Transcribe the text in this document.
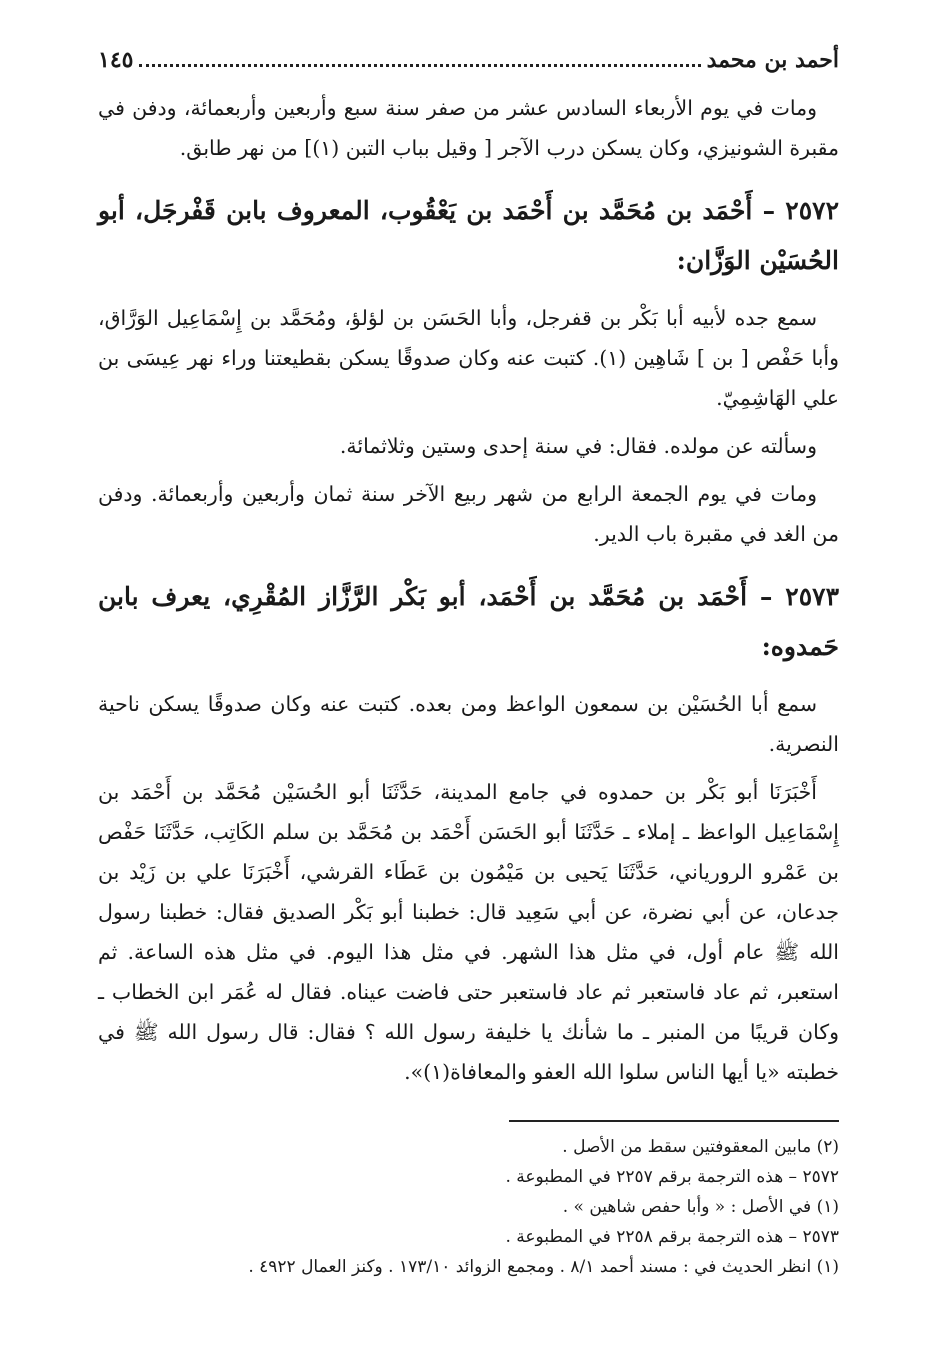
أحمد بن محمد
١٤٥

ومات في يوم الأربعاء السادس عشر من صفر سنة سبع وأربعين وأربعمائة، ودفن في مقبرة الشونيزي، وكان يسكن درب الآجر [ وقيل بباب التبن (١)] من نهر طابق.

٢٥٧٢ – أَحْمَد بن مُحَمَّد بن أَحْمَد بن يَعْقُوب، المعروف بابن قَفْرجَل، أبو الحُسَيْن الوَزَّان:

سمع جده لأبيه أبا بَكْر بن قفرجل، وأبا الحَسَن بن لؤلؤ، ومُحَمَّد بن إِسْمَاعِيل الوَرَّاق، وأبا حَفْص [ بن ] شَاهِين (١). كتبت عنه وكان صدوقًا يسكن بقطيعتنا وراء نهر عِيسَى بن علي الهَاشِمِيّ.

وسألته عن مولده. فقال: في سنة إحدى وستين وثلاثمائة.

ومات في يوم الجمعة الرابع من شهر ربيع الآخر سنة ثمان وأربعين وأربعمائة. ودفن من الغد في مقبرة باب الدير.

٢٥٧٣ – أَحْمَد بن مُحَمَّد بن أَحْمَد، أبو بَكْر الرَّزَّاز المُقْرِي، يعرف بابن حَمدوه:

سمع أبا الحُسَيْن بن سمعون الواعظ ومن بعده. كتبت عنه وكان صدوقًا يسكن ناحية النصرية.

أَخْبَرَنَا أبو بَكْر بن حمدوه في جامع المدينة، حَدَّثَنَا أبو الحُسَيْن مُحَمَّد بن أَحْمَد بن إِسْمَاعِيل الواعظ ـ إملاء ـ حَدَّثَنَا أبو الحَسَن أَحْمَد بن مُحَمَّد بن سلم الكَاتِب، حَدَّثَنَا حَفْص بن عَمْرو الرورياني، حَدَّثَنَا يَحيى بن مَيْمُون بن عَطَاء القرشي، أَخْبَرَنَا علي بن زَيْد بن جدعان، عن أبي نضرة، عن أبي سَعِيد قال: خطبنا أبو بَكْر الصديق فقال: خطبنا رسول الله ﷺ عام أول، في مثل هذا الشهر. في مثل هذا اليوم. في مثل هذه الساعة. ثم استعبر، ثم عاد فاستعبر ثم عاد فاستعبر حتى فاضت عيناه. فقال له عُمَر ابن الخطاب ـ وكان قريبًا من المنبر ـ ما شأنك يا خليفة رسول الله ؟ فقال: قال رسول الله ﷺ في خطبته «يا أيها الناس سلوا الله العفو والمعافاة(١)».

(٢) مابين المعقوفتين سقط من الأصل .

٢٥٧٢ – هذه الترجمة برقم ٢٢٥٧ في المطبوعة .

(١) في الأصل : « وأبا حفص شاهين » .

٢٥٧٣ – هذه الترجمة برقم ٢٢٥٨ في المطبوعة .

(١) انظر الحديث في : مسند أحمد ٨/١ . ومجمع الزوائد ١٧٣/١٠ . وكنز العمال ٤٩٢٢ .
